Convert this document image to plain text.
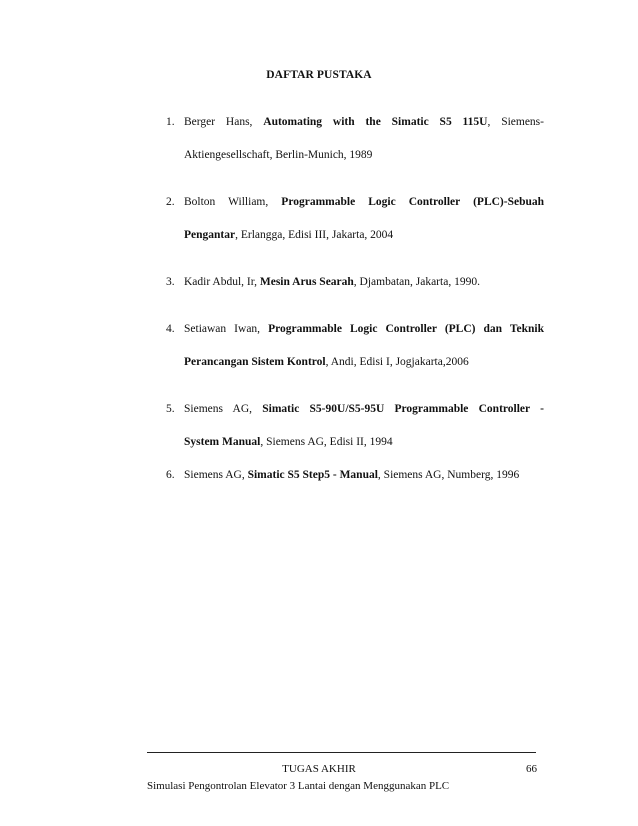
DAFTAR PUSTAKA
1. Berger Hans, Automating with the Simatic S5 115U, Siemens-
Aktiengesellschaft, Berlin-Munich, 1989
2. Bolton William, Programmable Logic Controller (PLC)-Sebuah
Pengantar, Erlangga, Edisi III, Jakarta, 2004
3. Kadir Abdul, Ir, Mesin Arus Searah, Djambatan, Jakarta, 1990.
4. Setiawan Iwan, Programmable Logic Controller (PLC) dan Teknik
Perancangan Sistem Kontrol, Andi, Edisi I, Jogjakarta,2006
5. Siemens AG, Simatic S5-90U/S5-95U Programmable Controller -
System Manual, Siemens AG, Edisi II, 1994
6. Siemens AG, Simatic S5 Step5 - Manual, Siemens AG, Numberg, 1996
TUGAS AKHIR	66
Simulasi Pengontrolan Elevator 3 Lantai dengan Menggunakan PLC
